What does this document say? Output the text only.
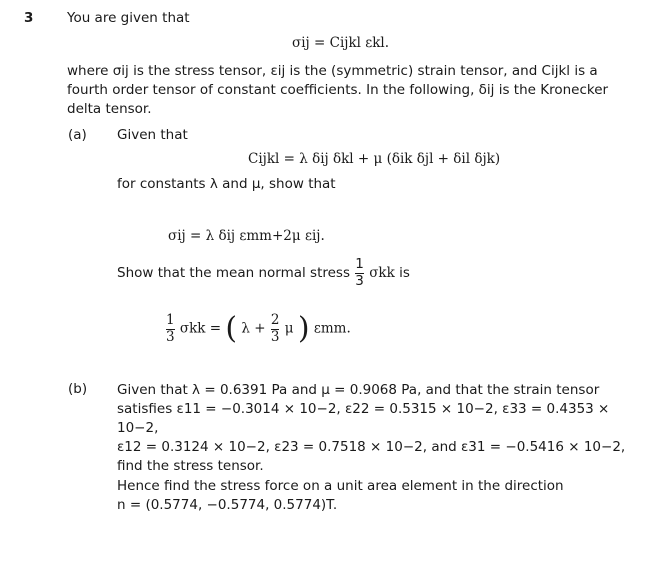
3 You are given that
σij = Cijkl εkl.
where σij is the stress tensor, εij is the (symmetric) strain tensor, and Cijkl is a
fourth order tensor of constant coefficients. In the following, δij is the Kronecker
delta tensor.
(a) Given that
Cijkl = λ δij δkl + μ (δik δjl + δil δjk)
for constants λ and μ, show that
σij = λ δij εmm+2μ εij.
Show that the mean normal stress $\frac{1}{3}$ σkk is
$\frac{1}{3}$ σkk = ( $\lambda + \frac{2}{3}$ μ ) εmm.
(b) Given that λ = 0.6391 Pa and μ = 0.9068 Pa, and that the strain tensor
satisfies ε11 = −0.3014 × 10−2, ε22 = 0.5315 × 10−2, ε33 = 0.4353 × 10−2,
ε12 = 0.3124 × 10−2, ε23 = 0.7518 × 10−2, and ε31 = −0.5416 × 10−2,
find the stress tensor.
Hence find the stress force on a unit area element in the direction
n = (0.5774, −0.5774, 0.5774)T.
